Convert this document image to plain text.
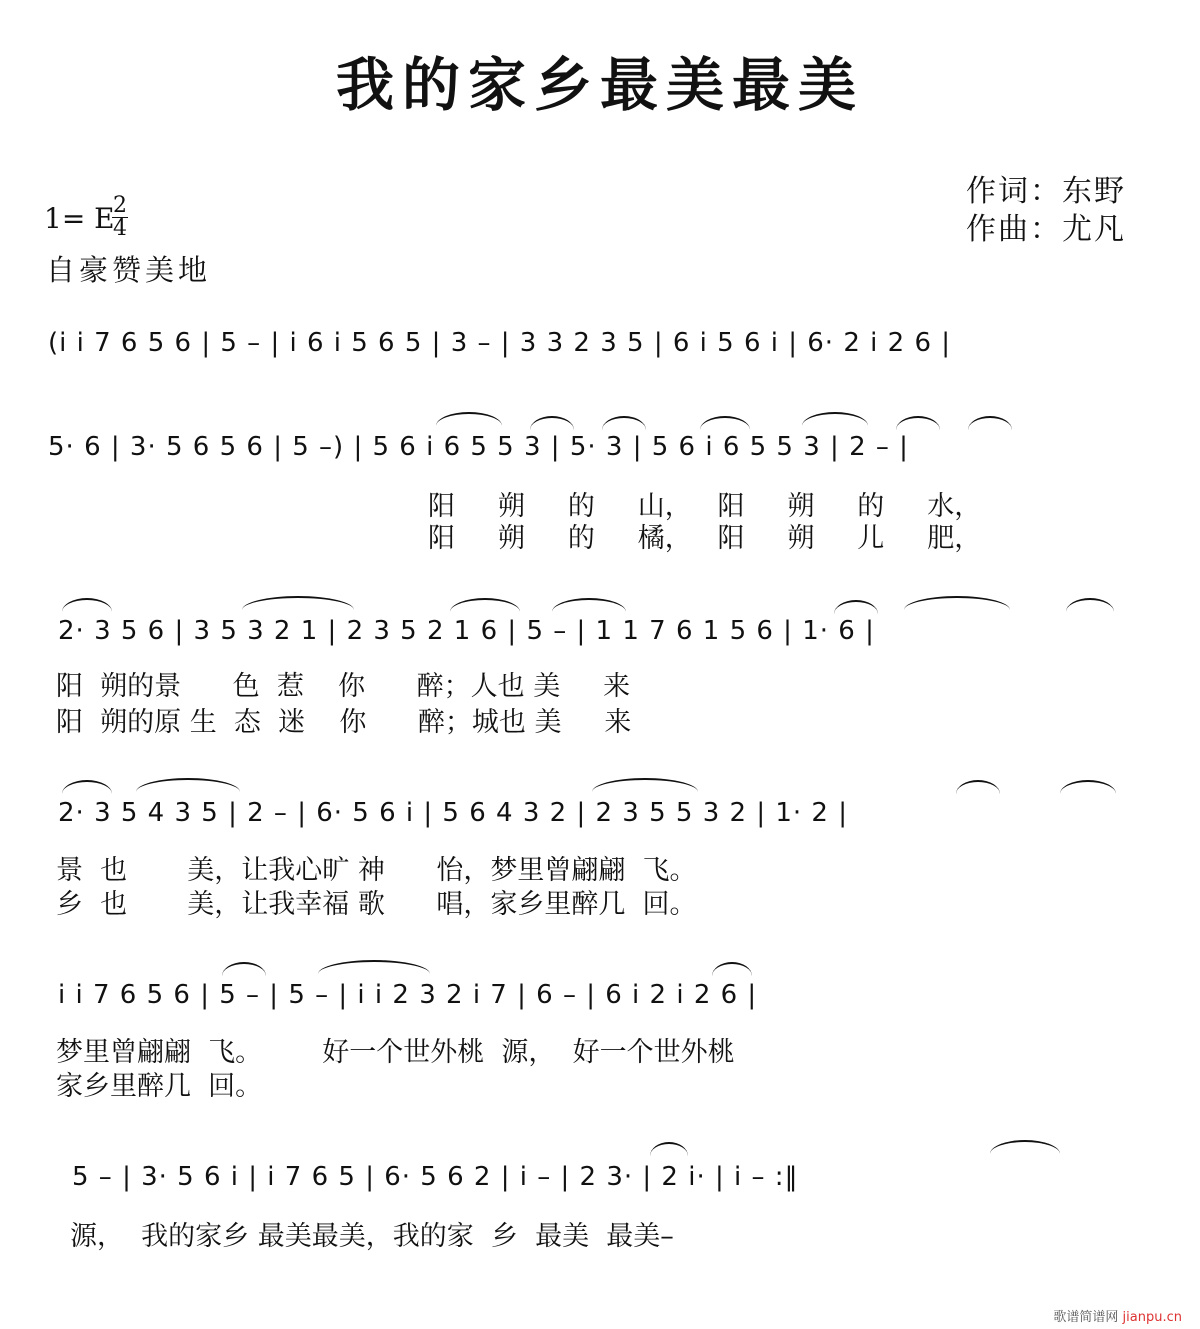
我的家乡最美最美
作词：东野
作曲：尤凡
1= E
2
4
自豪赞美地
(i i 7 6 5 6 | 5 – | i 6 i 5 6 5 | 3 – | 3 3 2 3 5 | 6 i 5 6 i | 6· 2 i 2 6 |
5· 6 | 3· 5 6 5 6 | 5 –) | 5 6 i 6 5 5 3 | 5· 3 | 5 6 i 6 5 5 3 | 2 – |
阳     朔     的     山，   阳     朔     的     水，
阳     朔     的     橘，   阳     朔     儿     肥，
2· 3 5 6 | 3 5 3 2 1 | 2 3 5 2 1 6 | 5 – | 1 1 7 6 1 5 6 | 1· 6 |
阳  朔的景      色  惹    你      醉；人也 美     来
阳  朔的原 生  态  迷    你      醉；城也 美     来
2· 3 5 4 3 5 | 2 – | 6· 5 6 i | 5 6 4 3 2 | 2 3 5 5 3 2 | 1· 2 |
景  也       美，让我心旷 神      怡，梦里曾翩翩  飞。
乡  也       美，让我幸福 歌      唱，家乡里醉几  回。
i i 7 6 5 6 | 5 – | 5 – | i i 2 3 2 i 7 | 6 – | 6 i 2 i 2 6 |
梦里曾翩翩  飞。       好一个世外桃  源，  好一个世外桃
家乡里醉几  回。
5 – | 3· 5 6 i | i 7 6 5 | 6· 5 6 2 | i – | 2 3· | 2 i· | i – :‖
源，  我的家乡 最美最美，我的家  乡  最美  最美–
歌谱简谱网 jianpu.cn
